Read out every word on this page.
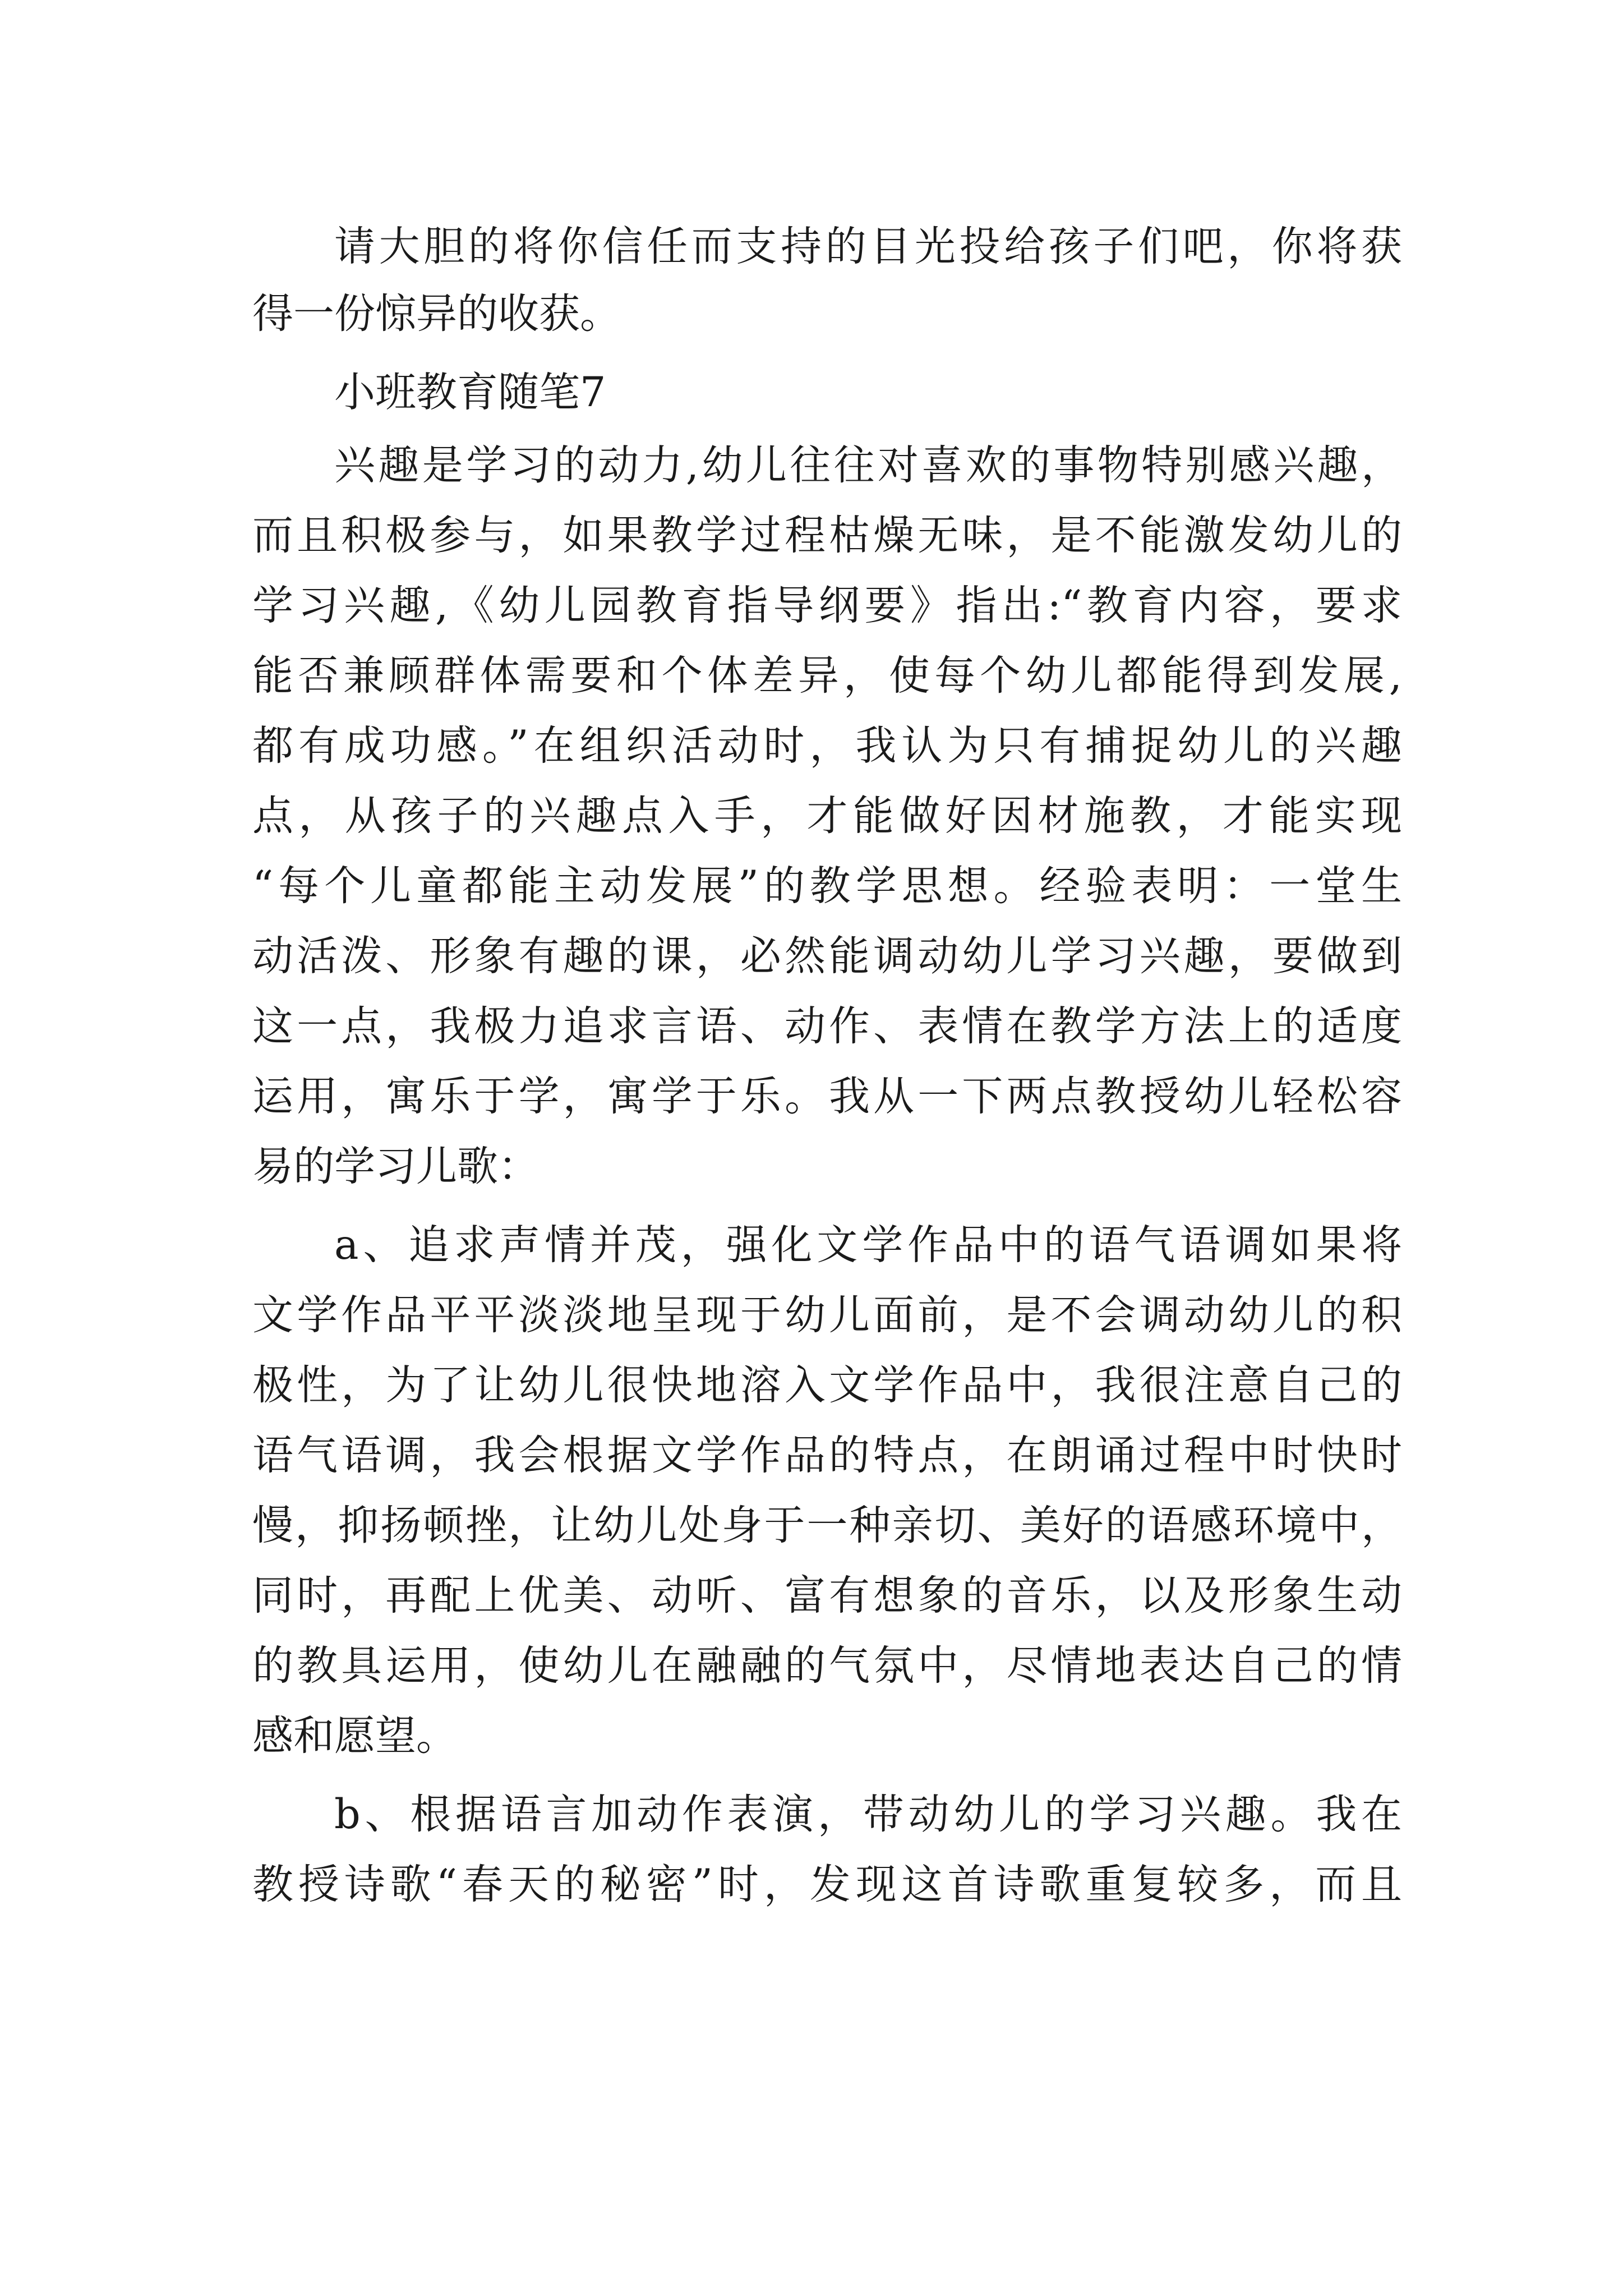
请大胆的将你信任而支持的目光投给孩子们吧，你将获
得一份惊异的收获。
小班教育随笔7
兴趣是学习的动力,幼儿往往对喜欢的事物特别感兴趣，
而且积极参与，如果教学过程枯燥无味，是不能激发幼儿的
学习兴趣,《幼儿园教育指导纲要》指出:“教育内容，要求
能否兼顾群体需要和个体差异，使每个幼儿都能得到发展,
都有成功感。”在组织活动时，我认为只有捕捉幼儿的兴趣
点，从孩子的兴趣点入手，才能做好因材施教，才能实现
“每个儿童都能主动发展”的教学思想。经验表明：一堂生
动活泼、形象有趣的课，必然能调动幼儿学习兴趣，要做到
这一点，我极力追求言语、动作、表情在教学方法上的适度
运用，寓乐于学，寓学于乐。我从一下两点教授幼儿轻松容
易的学习儿歌：
a、追求声情并茂，强化文学作品中的语气语调如果将
文学作品平平淡淡地呈现于幼儿面前，是不会调动幼儿的积
极性，为了让幼儿很快地溶入文学作品中，我很注意自己的
语气语调，我会根据文学作品的特点，在朗诵过程中时快时
慢，抑扬顿挫，让幼儿处身于一种亲切、美好的语感环境中，
同时，再配上优美、动听、富有想象的音乐，以及形象生动
的教具运用，使幼儿在融融的气氛中，尽情地表达自己的情
感和愿望。
b、根据语言加动作表演，带动幼儿的学习兴趣。我在
教授诗歌“春天的秘密”时，发现这首诗歌重复较多，而且
